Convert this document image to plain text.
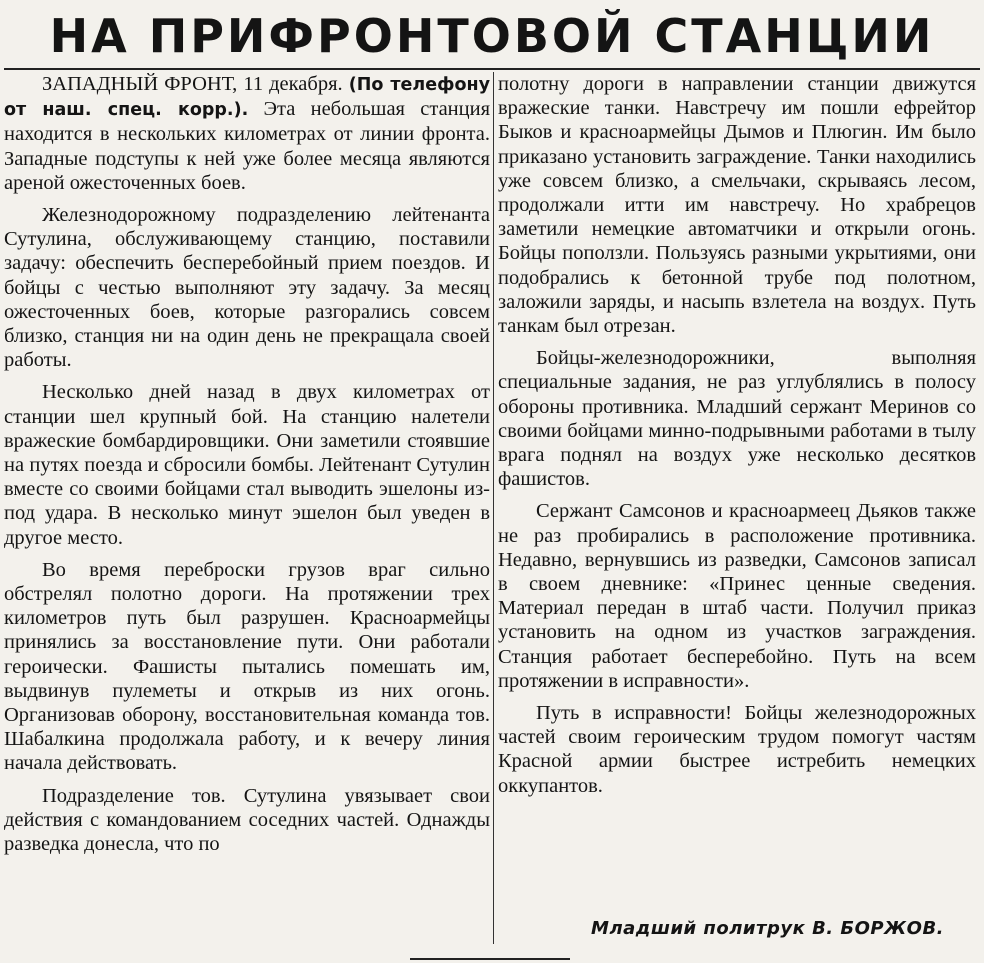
НА ПРИФРОНТОВОЙ СТАНЦИИ

ЗАПАДНЫЙ ФРОНТ, 11 декабря. (По телефону от наш. спец. корр.). Эта небольшая станция находится в нескольких километрах от линии фронта. Западные подступы к ней уже более месяца являются ареной ожесточенных боев.

Железнодорожному подразделению лейтенанта Сутулина, обслуживающему станцию, поставили задачу: обеспечить бесперебойный прием поездов. И бойцы с честью выполняют эту задачу. За месяц ожесточенных боев, которые разгорались совсем близко, станция ни на один день не прекращала своей работы.

Несколько дней назад в двух километрах от станции шел крупный бой. На станцию налетели вражеские бомбардировщики. Они заметили стоявшие на путях поезда и сбросили бомбы. Лейтенант Сутулин вместе со своими бойцами стал выводить эшелоны из-под удара. В несколько минут эшелон был уведен в другое место.

Во время переброски грузов враг сильно обстрелял полотно дороги. На протяжении трех километров путь был разрушен. Красноармейцы принялись за восстановление пути. Они работали героически. Фашисты пытались помешать им, выдвинув пулеметы и открыв из них огонь. Организовав оборону, восстановительная команда тов. Шабалкина продолжала работу, и к вечеру линия начала действовать.

Подразделение тов. Сутулина увязывает свои действия с командованием соседних частей. Однажды разведка донесла, что по

полотну дороги в направлении станции движутся вражеские танки. Навстречу им пошли ефрейтор Быков и красноармейцы Дымов и Плюгин. Им было приказано установить заграждение. Танки находились уже совсем близко, а смельчаки, скрываясь лесом, продолжали итти им навстречу. Но храбрецов заметили немецкие автоматчики и открыли огонь. Бойцы поползли. Пользуясь разными укрытиями, они подобрались к бетонной трубе под полотном, заложили заряды, и насыпь взлетела на воздух. Путь танкам был отрезан.

Бойцы-железнодорожники, выполняя специальные задания, не раз углублялись в полосу обороны противника. Младший сержант Меринов со своими бойцами миннo-подрывными работами в тылу врага поднял на воздух уже несколько десятков фашистов.

Сержант Самсонов и красноармеец Дьяков также не раз пробирались в расположение противника. Недавно, вернувшись из разведки, Самсонов записал в своем дневнике: «Принес ценные сведения. Материал передан в штаб части. Получил приказ установить на одном из участков заграждения. Станция работает бесперебойно. Путь на всем протяжении в исправности».

Путь в исправности! Бойцы железнодорожных частей своим героическим трудом помогут частям Красной армии быстрее истребить немецких оккупантов.

Младший политрук В. БОРЖОВ.
